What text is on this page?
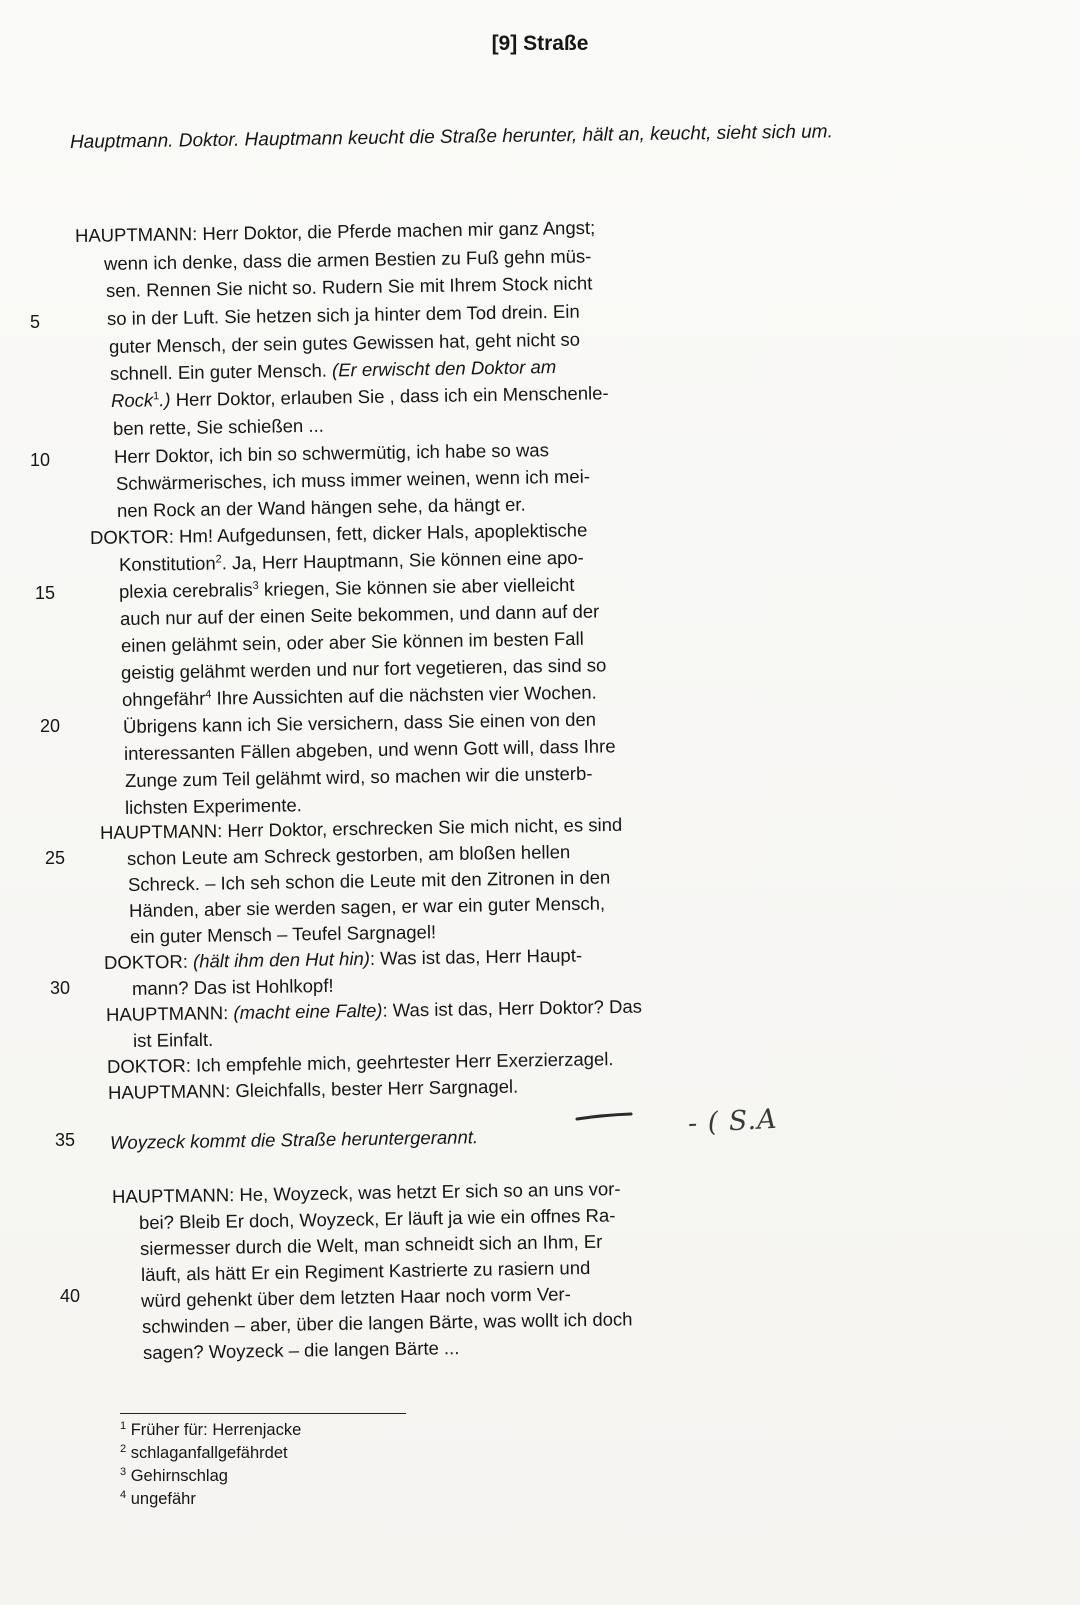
[9] Straße
Hauptmann. Doktor. Hauptmann keucht die Straße herunter, hält an, keucht, sieht sich um.
5
10
15
20
25
30
35
40
HAUPTMANN: Herr Doktor, die Pferde machen mir ganz Angst;
wenn ich denke, dass die armen Bestien zu Fuß gehn müs-
sen. Rennen Sie nicht so. Rudern Sie mit Ihrem Stock nicht
so in der Luft. Sie hetzen sich ja hinter dem Tod drein. Ein
guter Mensch, der sein gutes Gewissen hat, geht nicht so
schnell. Ein guter Mensch. (Er erwischt den Doktor am
Rock$^1$.) Herr Doktor, erlauben Sie , dass ich ein Menschenle-
ben rette, Sie schießen ...
Herr Doktor, ich bin so schwermütig, ich habe so was
Schwärmerisches, ich muss immer weinen, wenn ich mei-
nen Rock an der Wand hängen sehe, da hängt er.
DOKTOR: Hm! Aufgedunsen, fett, dicker Hals, apoplektische
Konstitution$^2$. Ja, Herr Hauptmann, Sie können eine apo-
plexia cerebralis$^3$ kriegen, Sie können sie aber vielleicht
auch nur auf der einen Seite bekommen, und dann auf der
einen gelähmt sein, oder aber Sie können im besten Fall
geistig gelähmt werden und nur fort vegetieren, das sind so
ohngefähr$^4$ Ihre Aussichten auf die nächsten vier Wochen.
Übrigens kann ich Sie versichern, dass Sie einen von den
interessanten Fällen abgeben, und wenn Gott will, dass Ihre
Zunge zum Teil gelähmt wird, so machen wir die unsterb-
lichsten Experimente.
HAUPTMANN: Herr Doktor, erschrecken Sie mich nicht, es sind
schon Leute am Schreck gestorben, am bloßen hellen
Schreck. – Ich seh schon die Leute mit den Zitronen in den
Händen, aber sie werden sagen, er war ein guter Mensch,
ein guter Mensch – Teufel Sargnagel!
DOKTOR: (hält ihm den Hut hin): Was ist das, Herr Haupt-
mann? Das ist Hohlkopf!
HAUPTMANN: (macht eine Falte): Was ist das, Herr Doktor? Das
ist Einfalt.
DOKTOR: Ich empfehle mich, geehrtester Herr Exerzierzagel.
HAUPTMANN: Gleichfalls, bester Herr Sargnagel.
Woyzeck kommt die Straße heruntergerannt.
HAUPTMANN: He, Woyzeck, was hetzt Er sich so an uns vor-
bei? Bleib Er doch, Woyzeck, Er läuft ja wie ein offnes Ra-
siermesser durch die Welt, man schneidt sich an Ihm, Er
läuft, als hätt Er ein Regiment Kastrierte zu rasiern und
würd gehenkt über dem letzten Haar noch vorm Ver-
schwinden – aber, über die langen Bärte, was wollt ich doch
sagen? Woyzeck – die langen Bärte ...
- ( S.A
$^1$ Früher für: Herrenjacke
$^2$ schlaganfallgefährdet
$^3$ Gehirnschlag
$^4$ ungefähr
